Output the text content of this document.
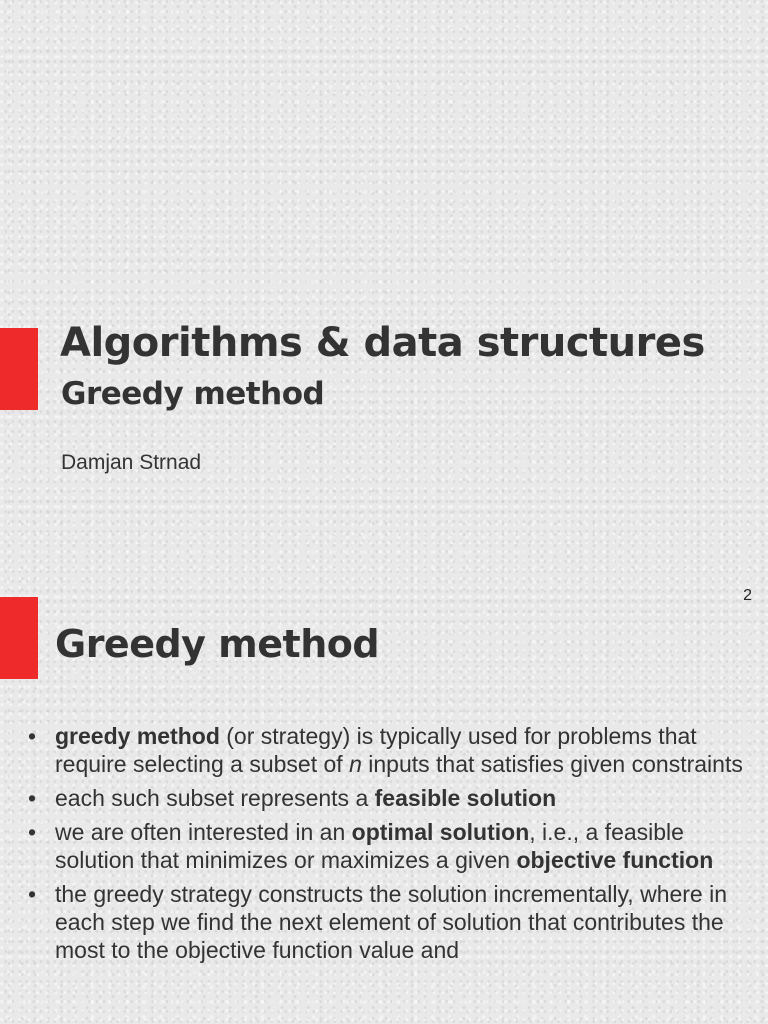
Algorithms & data structures
Greedy method

Damjan Strnad

2
Greedy method
• greedy method (or strategy) is typically used for problems that require selecting a subset of n inputs that satisfies given constraints
• each such subset represents a feasible solution
• we are often interested in an optimal solution, i.e., a feasible solution that minimizes or maximizes a given objective function
• the greedy strategy constructs the solution incrementally, where in each step we find the next element of solution that contributes the most to the objective function value and
